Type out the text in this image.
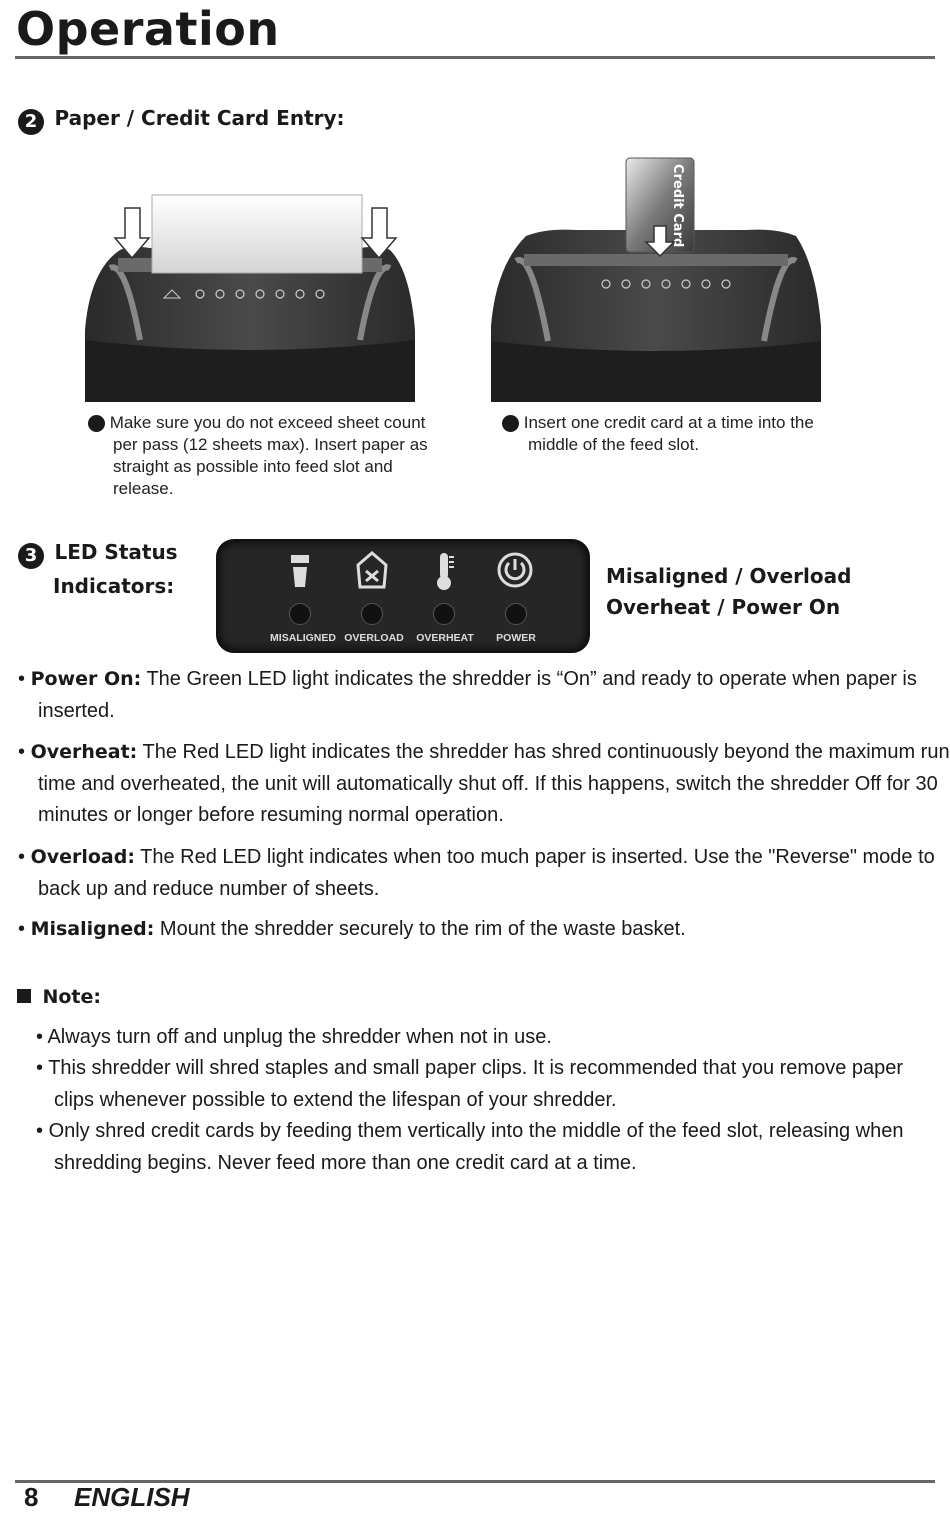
Operation
2 Paper / Credit Card Entry:
Credit Card
1 Make sure you do not exceed sheet count per pass (12 sheets max). Insert paper as straight as possible into feed slot and release.
2 Insert one credit card at a time into the middle of the feed slot.
3 LED Status
Indicators:
MISALIGNED OVERLOAD OVERHEAT	POWER
Misaligned / Overload
Overheat / Power On
• Power On: The Green LED light indicates the shredder is “On” and ready to operate when paper is inserted.
• Overheat: The Red LED light indicates the shredder has shred continuously beyond the maximum run time and overheated, the unit will automatically shut off. If this happens, switch the shredder Off for 30 minutes or longer before resuming normal operation.
• Overload: The Red LED light indicates when too much paper is inserted. Use the "Reverse" mode to back up and reduce number of sheets.
• Misaligned: Mount the shredder securely to the rim of the waste basket.
Note:
• Always turn off and unplug the shredder when not in use.
• This shredder will shred staples and small paper clips. It is recommended that you remove paper clips whenever possible to extend the lifespan of your shredder.
• Only shred credit cards by feeding them vertically into the middle of the feed slot, releasing when shredding begins. Never feed more than one credit card at a time.
8 ENGLISH
